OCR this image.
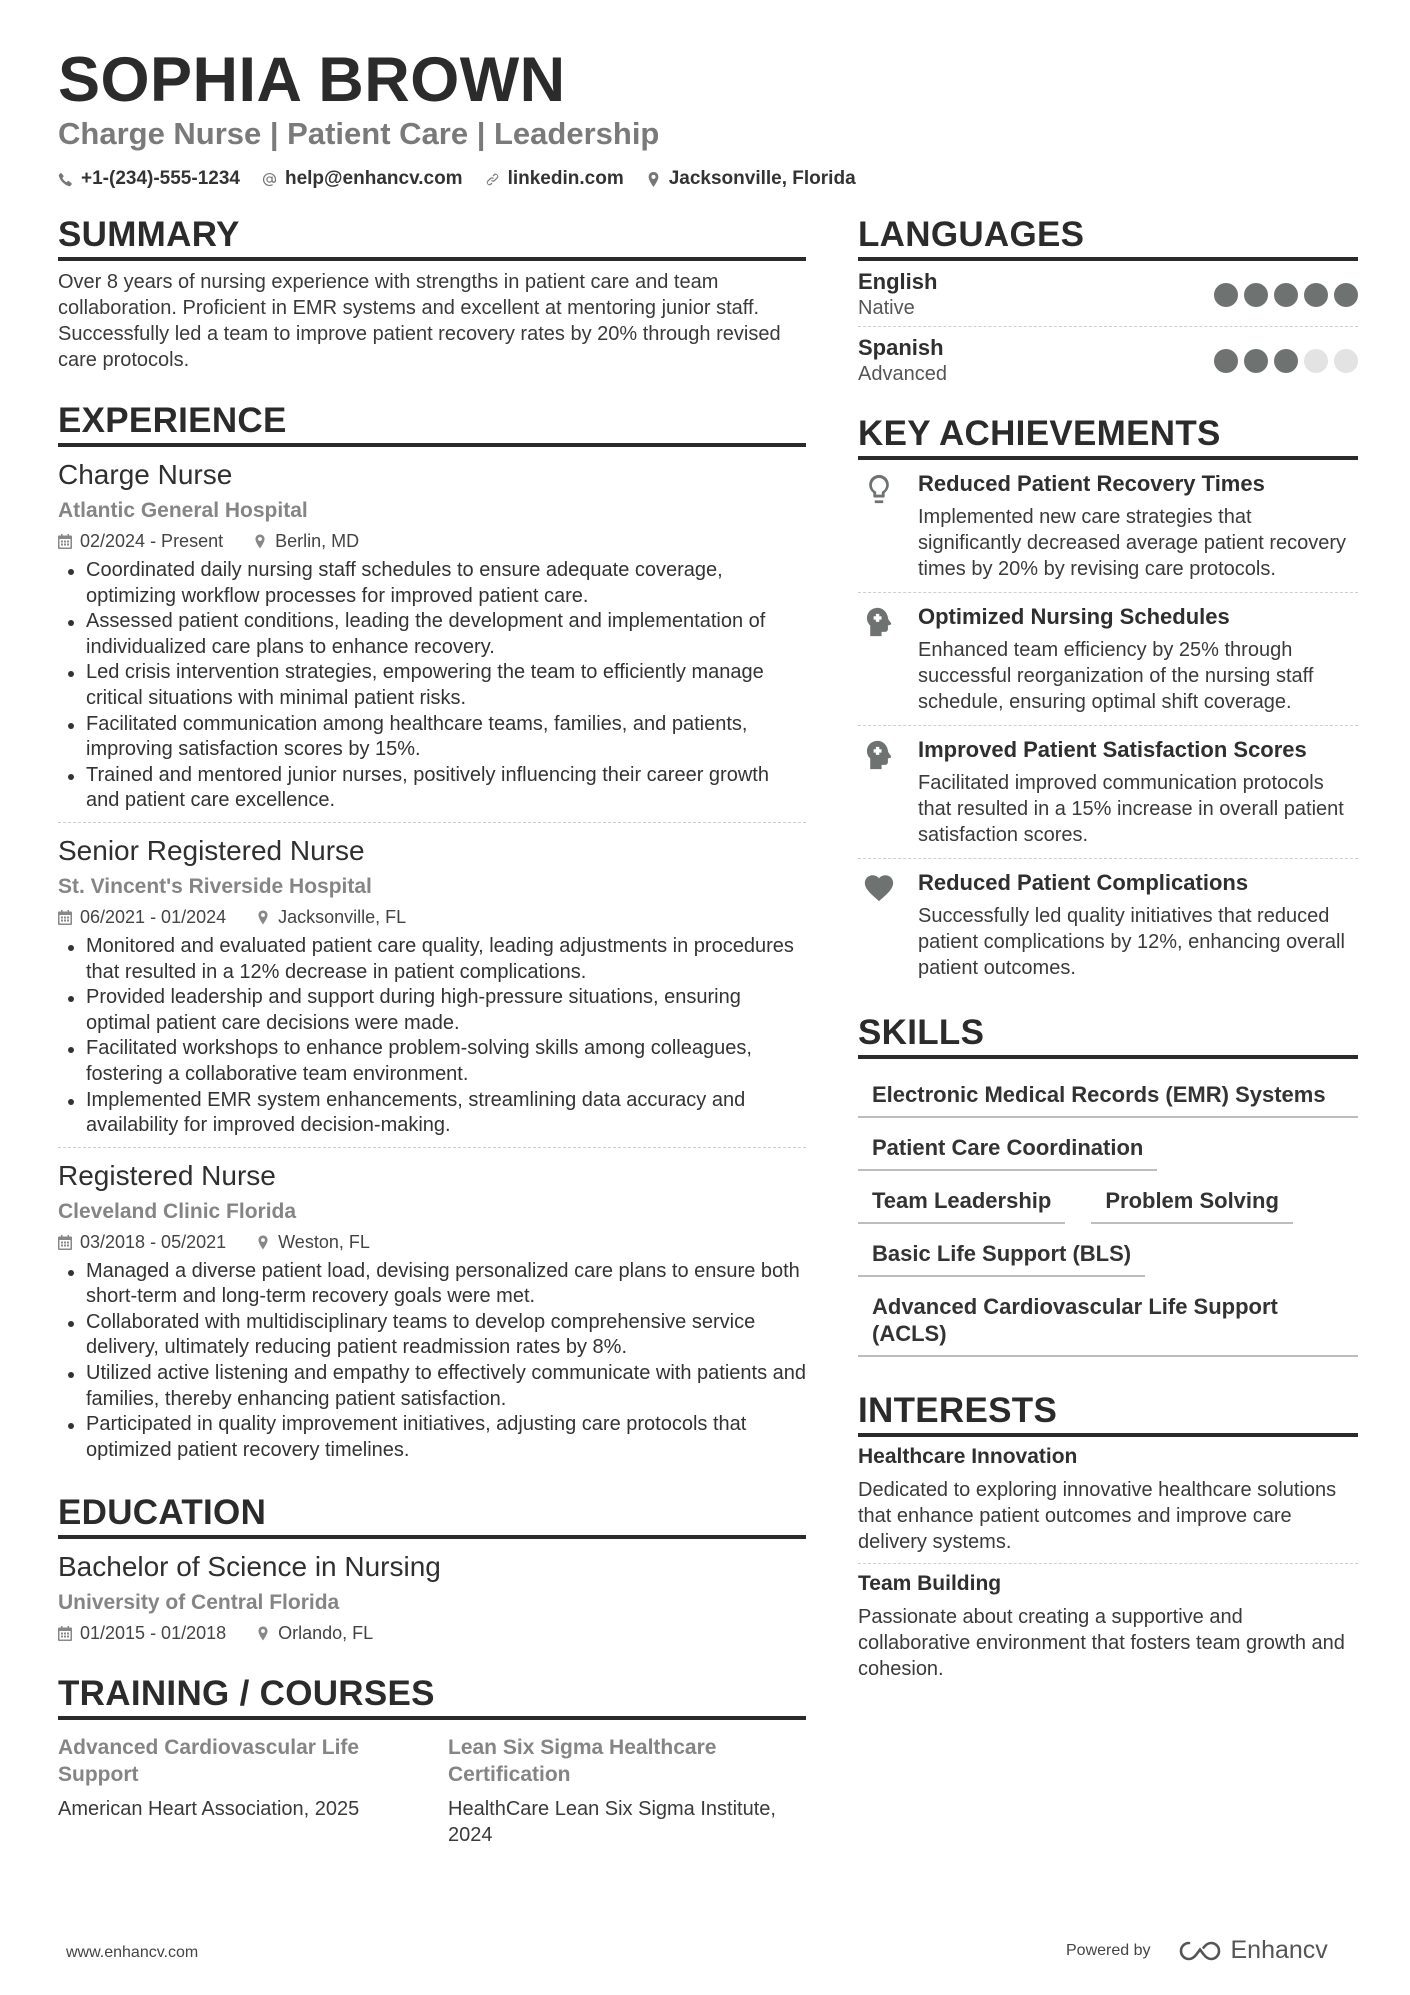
SOPHIA BROWN
Charge Nurse | Patient Care | Leadership
+1-(234)-555-1234 help@enhancv.com linkedin.com Jacksonville, Florida
SUMMARY
Over 8 years of nursing experience with strengths in patient care and team collaboration. Proficient in EMR systems and excellent at mentoring junior staff. Successfully led a team to improve patient recovery rates by 20% through revised care protocols.
EXPERIENCE
Charge Nurse
Atlantic General Hospital
02/2024 - Present	Berlin, MD
Coordinated daily nursing staff schedules to ensure adequate coverage, optimizing workflow processes for improved patient care.
Assessed patient conditions, leading the development and implementation of individualized care plans to enhance recovery.
Led crisis intervention strategies, empowering the team to efficiently manage critical situations with minimal patient risks.
Facilitated communication among healthcare teams, families, and patients, improving satisfaction scores by 15%.
Trained and mentored junior nurses, positively influencing their career growth and patient care excellence.
Senior Registered Nurse
St. Vincent's Riverside Hospital
06/2021 - 01/2024	Jacksonville, FL
Monitored and evaluated patient care quality, leading adjustments in procedures that resulted in a 12% decrease in patient complications.
Provided leadership and support during high-pressure situations, ensuring optimal patient care decisions were made.
Facilitated workshops to enhance problem-solving skills among colleagues, fostering a collaborative team environment.
Implemented EMR system enhancements, streamlining data accuracy and availability for improved decision-making.
Registered Nurse
Cleveland Clinic Florida
03/2018 - 05/2021	Weston, FL
Managed a diverse patient load, devising personalized care plans to ensure both short-term and long-term recovery goals were met.
Collaborated with multidisciplinary teams to develop comprehensive service delivery, ultimately reducing patient readmission rates by 8%.
Utilized active listening and empathy to effectively communicate with patients and families, thereby enhancing patient satisfaction.
Participated in quality improvement initiatives, adjusting care protocols that optimized patient recovery timelines.
EDUCATION
Bachelor of Science in Nursing
University of Central Florida
01/2015 - 01/2018	Orlando, FL
TRAINING / COURSES
Advanced Cardiovascular Life Support
American Heart Association, 2025
Lean Six Sigma Healthcare Certification
HealthCare Lean Six Sigma Institute, 2024
LANGUAGES
English
Native
Spanish
Advanced
KEY ACHIEVEMENTS
Reduced Patient Recovery Times
Implemented new care strategies that significantly decreased average patient recovery times by 20% by revising care protocols.
Optimized Nursing Schedules
Enhanced team efficiency by 25% through successful reorganization of the nursing staff schedule, ensuring optimal shift coverage.
Improved Patient Satisfaction Scores
Facilitated improved communication protocols that resulted in a 15% increase in overall patient satisfaction scores.
Reduced Patient Complications
Successfully led quality initiatives that reduced patient complications by 12%, enhancing overall patient outcomes.
SKILLS
Electronic Medical Records (EMR) Systems
Patient Care Coordination
Team Leadership	Problem Solving
Basic Life Support (BLS)
Advanced Cardiovascular Life Support (ACLS)
INTERESTS
Healthcare Innovation
Dedicated to exploring innovative healthcare solutions that enhance patient outcomes and improve care delivery systems.
Team Building
Passionate about creating a supportive and collaborative environment that fosters team growth and cohesion.
www.enhancv.com	Powered by	Enhancv
